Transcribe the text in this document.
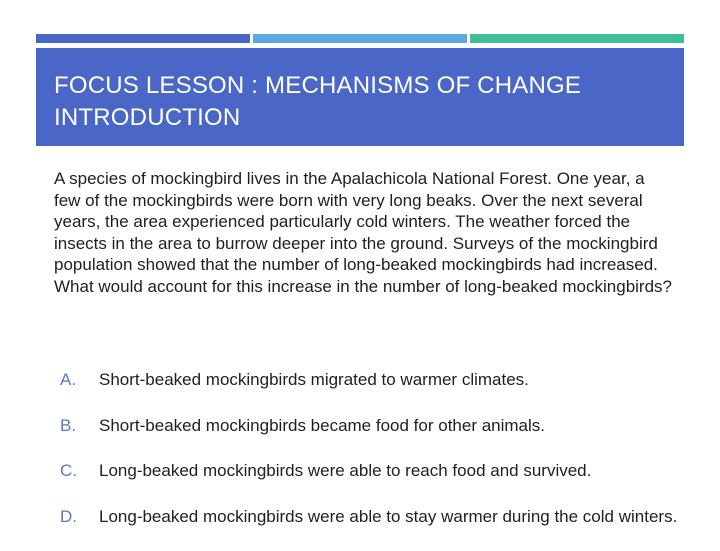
FOCUS LESSON : MECHANISMS OF CHANGE
INTRODUCTION

A species of mockingbird lives in the Apalachicola National Forest. One year, a few of the mockingbirds were born with very long beaks. Over the next several years, the area experienced particularly cold winters. The weather forced the insects in the area to burrow deeper into the ground. Surveys of the mockingbird population showed that the number of long-beaked mockingbirds had increased. What would account for this increase in the number of long-beaked mockingbirds?

A.	Short-beaked mockingbirds migrated to warmer climates.
B.	Short-beaked mockingbirds became food for other animals.
C.	Long-beaked mockingbirds were able to reach food and survived.
D.	Long-beaked mockingbirds were able to stay warmer during the cold winters.
